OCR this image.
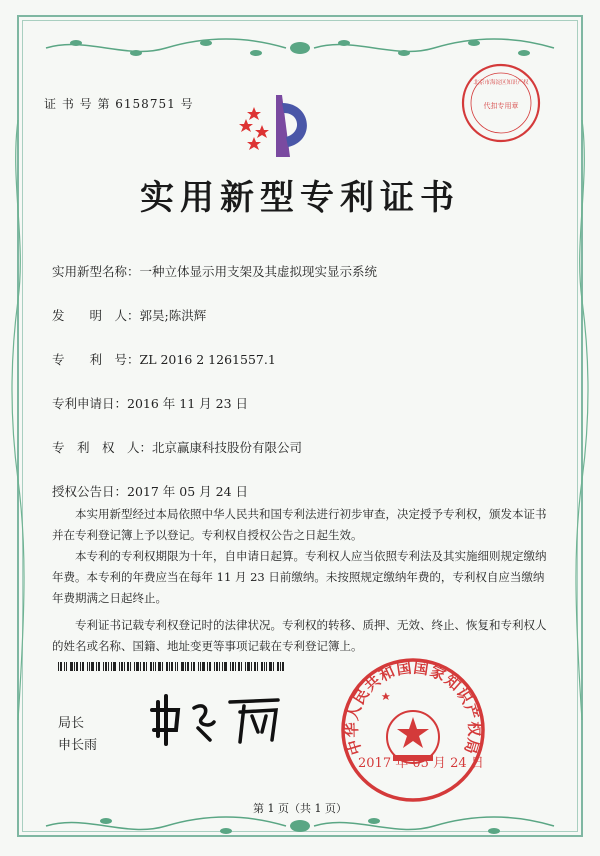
证 书 号 第 6158751 号	代扣专用章
北京市海淀区知识产权
实用新型专利证书
实用新型名称：一种立体显示用支架及其虚拟现实显示系统
发　　明　人：郭昊;陈洪辉
专　　利　号：ZL 2016 2 1261557.1
专利申请日：2016 年 11 月 23 日
专　利　权　人：北京赢康科技股份有限公司
授权公告日：2017 年 05 月 24 日

本实用新型经过本局依照中华人民共和国专利法进行初步审查，决定授予专利权，颁发本证书并在专利登记簿上予以登记。专利权自授权公告之日起生效。

本专利的专利权期限为十年，自申请日起算。专利权人应当依照专利法及其实施细则规定缴纳年费。本专利的年费应当在每年 11 月 23 日前缴纳。未按照规定缴纳年费的，专利权自应当缴纳年费期满之日起终止。

专利证书记载专利权登记时的法律状况。专利权的转移、质押、无效、终止、恢复和专利权人的姓名或名称、国籍、地址变更等事项记载在专利登记簿上。

局长
申长雨	中华人民共和国国家知识产权局
2017 年 05 月 24 日
第 1 页（共 1 页）
